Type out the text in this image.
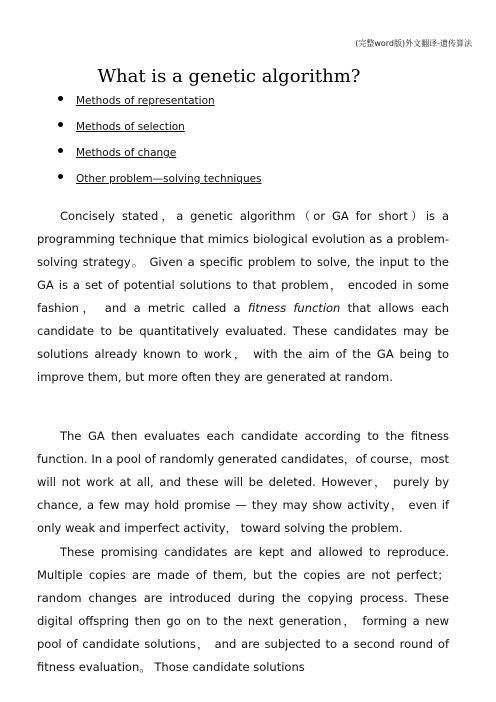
(完整word版)外文翻译-遗传算法
What is a genetic algorithm?
Methods of representation
Methods of selection
Methods of change
Other problem—solving techniques

Concisely stated，a genetic algorithm（or GA for short）is a programming technique that mimics biological evolution as a problem-solving strategy。 Given a specific problem to solve, the input to the GA is a set of potential solutions to that problem， encoded in some fashion， and a metric called a fitness function that allows each candidate to be quantitatively evaluated. These candidates may be solutions already known to work， with the aim of the GA being to improve them, but more often they are generated at random.

The GA then evaluates each candidate according to the fitness function. In a pool of randomly generated candidates，of course，most will not work at all, and these will be deleted. However， purely by chance, a few may hold promise — they may show activity， even if only weak and imperfect activity， toward solving the problem.

These promising candidates are kept and allowed to reproduce. Multiple copies are made of them, but the copies are not perfect； random changes are introduced during the copying process. These digital offspring then go on to the next generation， forming a new pool of candidate solutions， and are subjected to a second round of fitness evaluation。 Those candidate solutions
